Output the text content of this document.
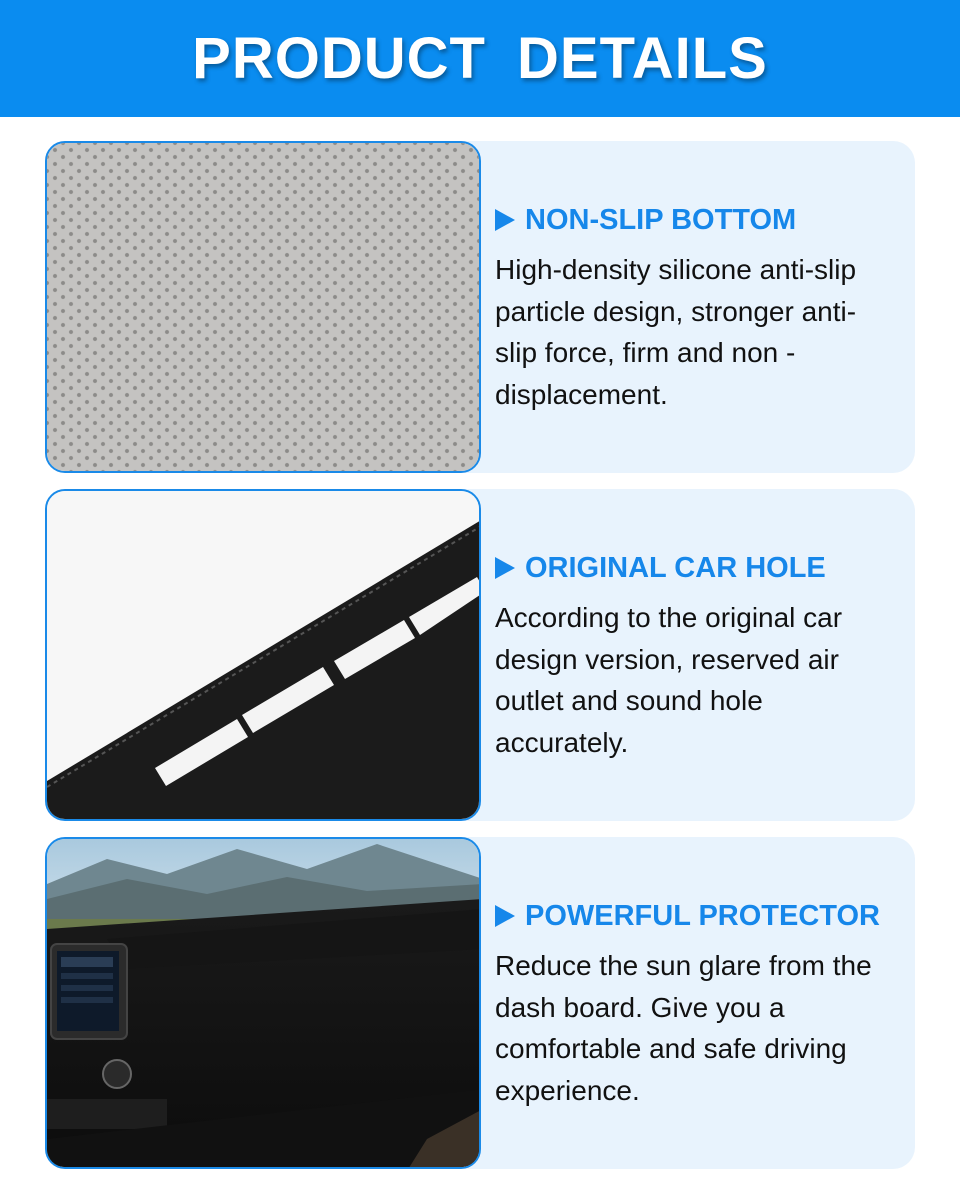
PRODUCT DETAILS
NON-SLIP BOTTOM
High-density silicone anti-slip particle design, stronger anti-slip force, firm and non -displacement.
ORIGINAL CAR HOLE
According to the original car design version, reserved air outlet and sound hole accurately.
POWERFUL PROTECTOR
Reduce the sun glare from the dash board. Give you a comfortable and safe driving experience.
